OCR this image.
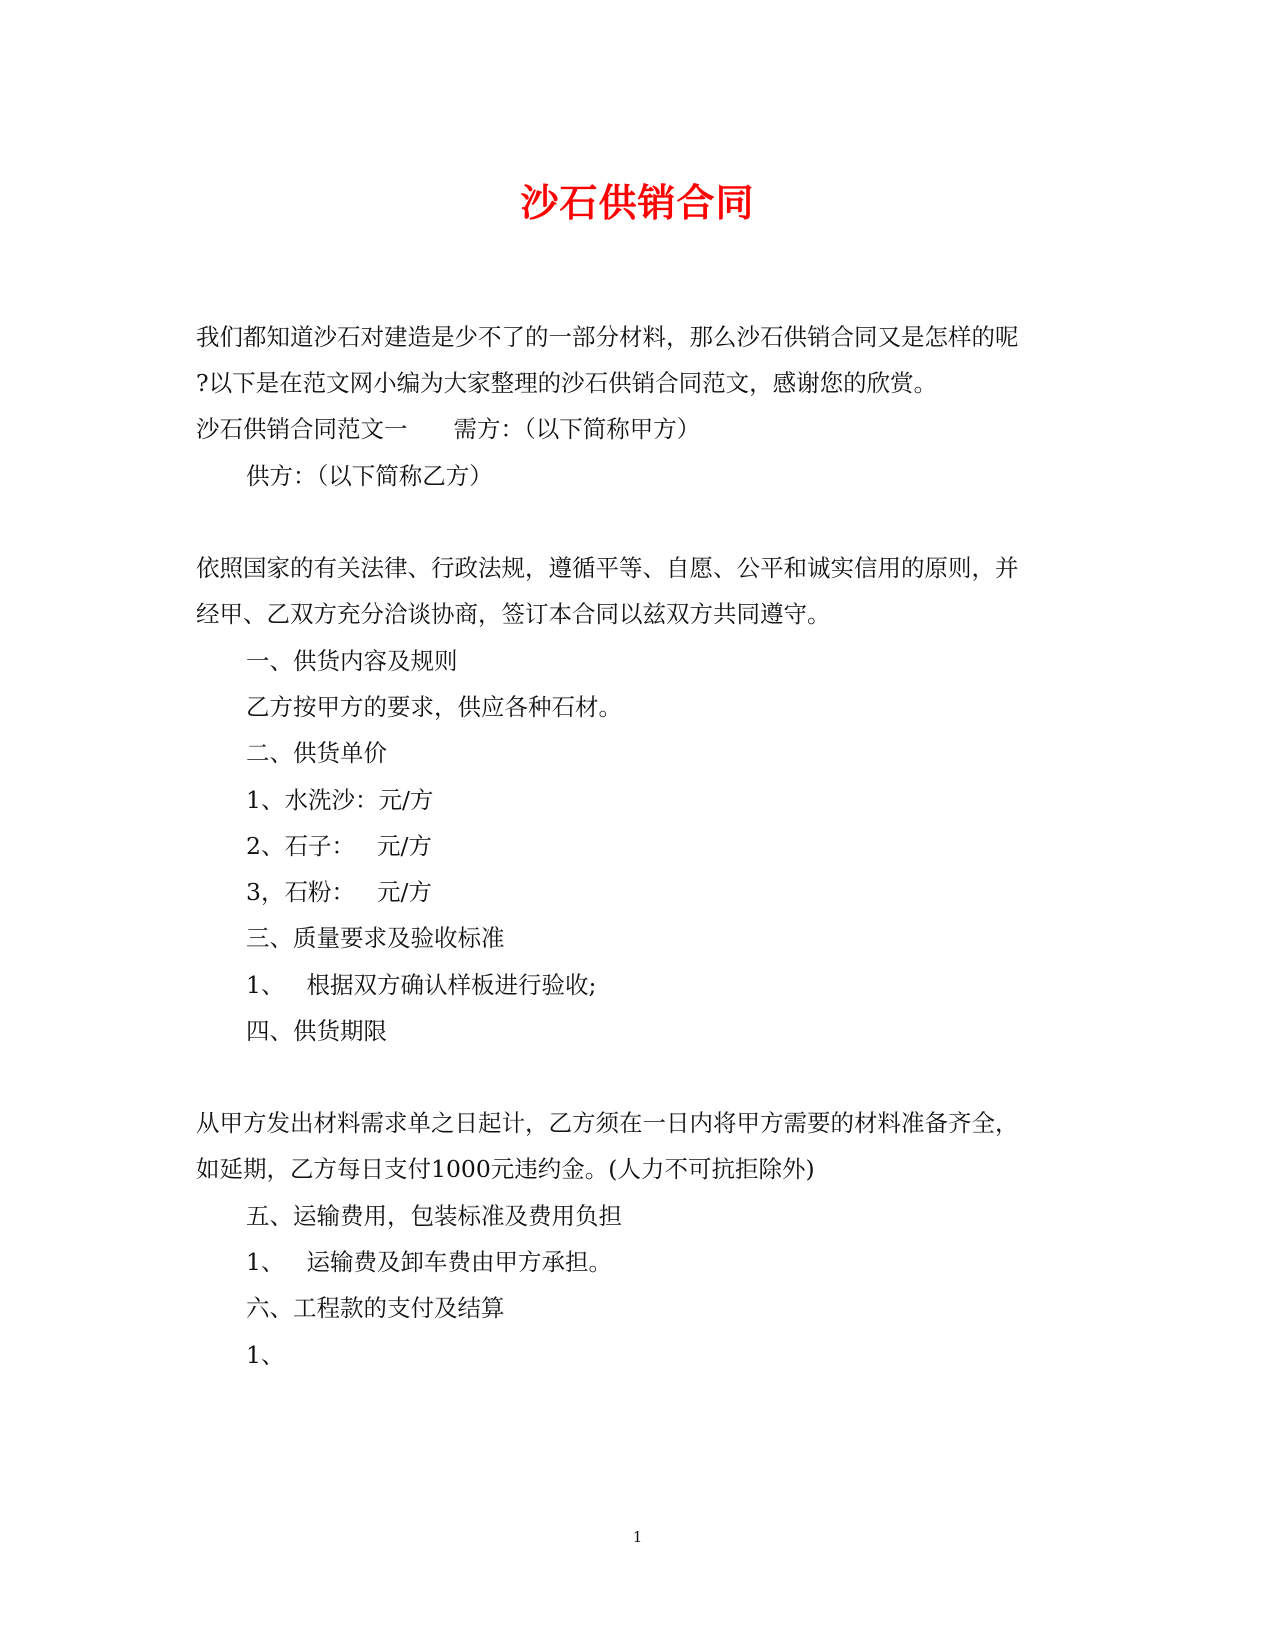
沙石供销合同
我们都知道沙石对建造是少不了的一部分材料，那么沙石供销合同又是怎样的呢
?以下是在范文网小编为大家整理的沙石供销合同范文，感谢您的欣赏。
沙石供销合同范文一 需方：（以下简称甲方）
供方：（以下简称乙方）
依照国家的有关法律、行政法规，遵循平等、自愿、公平和诚实信用的原则，并
经甲、乙双方充分洽谈协商，签订本合同以兹双方共同遵守。
一、供货内容及规则
乙方按甲方的要求，供应各种石材。
二、供货单价
1、水洗沙：元/方
2、石子： 元/方
3，石粉： 元/方
三、质量要求及验收标准
1、 根据双方确认样板进行验收;
四、供货期限
从甲方发出材料需求单之日起计，乙方须在一日内将甲方需要的材料准备齐全，
如延期，乙方每日支付1000元违约金。(人力不可抗拒除外)
五、运输费用，包装标准及费用负担
1、 运输费及卸车费由甲方承担。
六、工程款的支付及结算
1、
1
